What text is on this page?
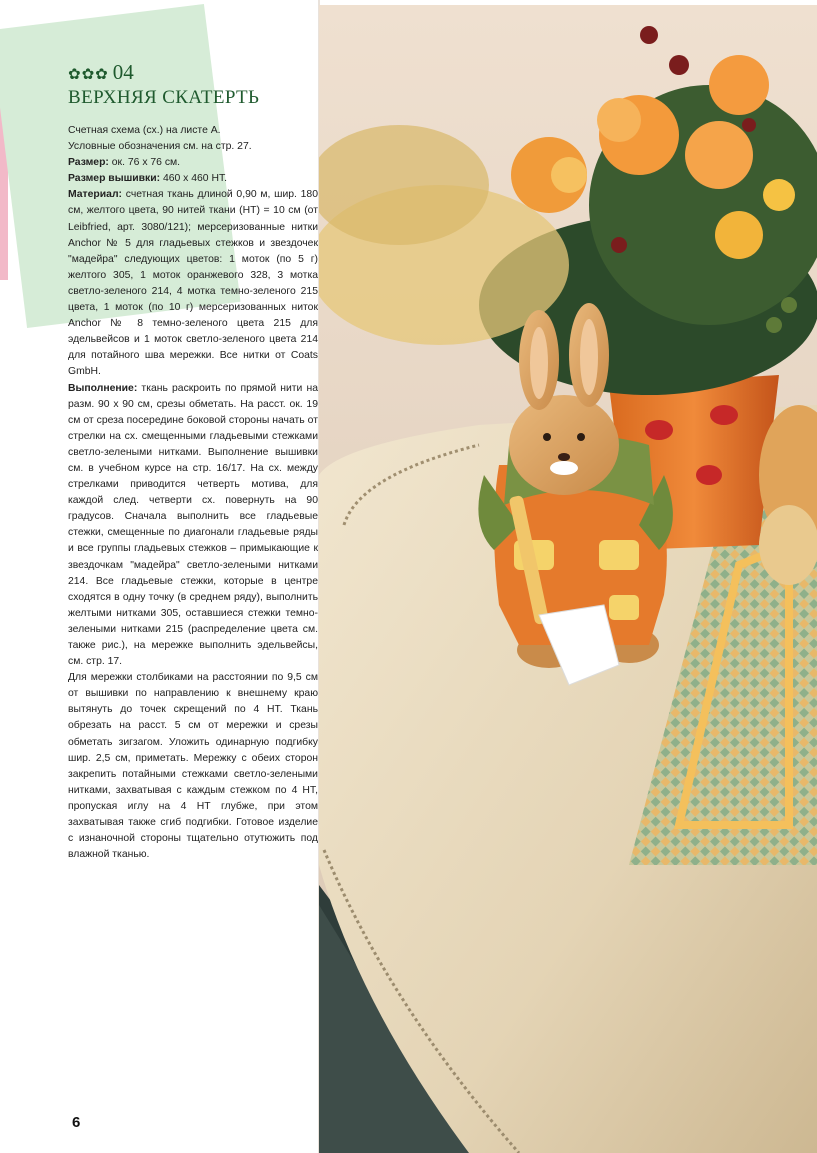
✿✿✿ 04
ВЕРХНЯЯ СКАТЕРТЬ

Счетная схема (сх.) на листе А.

Условные обозначения см. на стр. 27.

Размер: ок. 76 x 76 см.

Размер вышивки: 460 x 460 НТ.

Материал: счетная ткань длиной 0,90 м, шир. 180 см, желтого цвета, 90 нитей ткани (НТ) = 10 см (от Leibfried, арт. 3080/121); мерсеризованные нитки Anchor № 5 для гладьевых стежков и звездочек "мадейра" следующих цветов: 1 моток (по 5 г) желтого 305, 1 моток оранжевого 328, 3 мотка светло-зеленого 214, 4 мотка темно-зеленого 215 цвета, 1 моток (по 10 г) мерсеризованных ниток Anchor № 8 темно-зеленого цвета 215 для эдельвейсов и 1 моток светло-зеленого цвета 214 для потайного шва мережки. Все нитки от Coats GmbH.

Выполнение: ткань раскроить по прямой нити на разм. 90 x 90 см, срезы обметать. На расст. ок. 19 см от среза посередине боковой стороны начать от стрелки на сх. смещенными гладьевыми стежками светло-зелеными нитками. Выполнение вышивки см. в учебном курсе на стр. 16/17. На сх. между стрелками приводится четверть мотива, для каждой след. четверти сх. повернуть на 90 градусов. Сначала выполнить все гладьевые стежки, смещенные по диагонали гладьевые ряды и все группы гладьевых стежков – примыкающие к звездочкам "мадейра" светло-зелеными нитками 214. Все гладьевые стежки, которые в центре сходятся в одну точку (в среднем ряду), выполнить желтыми нитками 305, оставшиеся стежки темно-зелеными нитками 215 (распределение цвета см. также рис.), на мережке выполнить эдельвейсы, см. стр. 17.

Для мережки столбиками на расстоянии по 9,5 см от вышивки по направлению к внешнему краю вытянуть до точек скрещений по 4 НТ. Ткань обрезать на расст. 5 см от мережки и срезы обметать зигзагом. Уложить одинарную подгибку шир. 2,5 см, приметать. Мережку с обеих сторон закрепить потайными стежками светло-зелеными нитками, захватывая с каждым стежком по 4 НТ, пропуская иглу на 4 НТ глубже, при этом захватывая также сгиб подгибки. Готовое изделие с изнаночной стороны тщательно отутюжить под влажной тканью.

6
